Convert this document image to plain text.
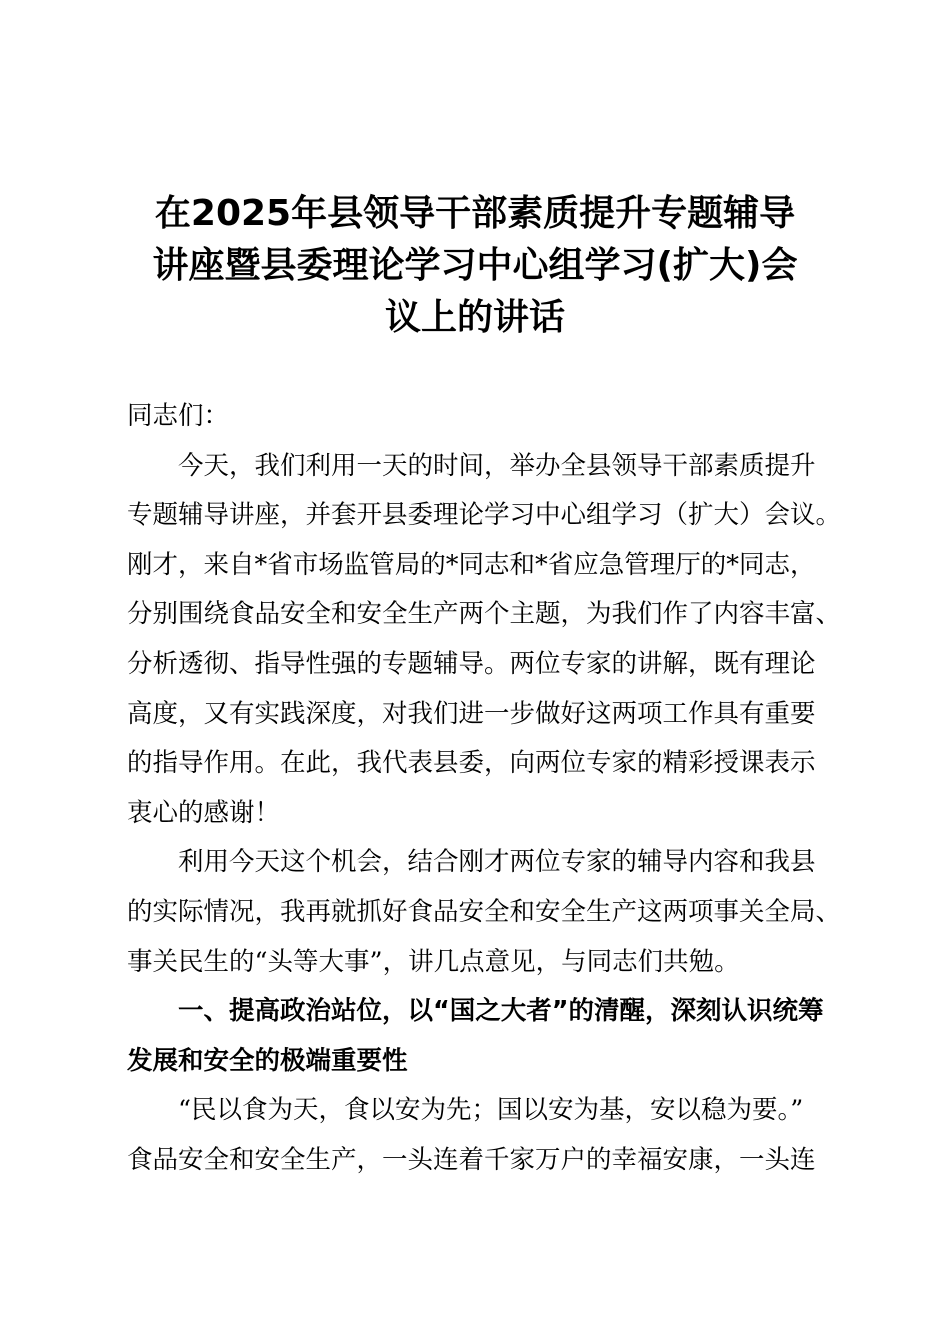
在2025年县领导干部素质提升专题辅导
讲座暨县委理论学习中心组学习(扩大)会
议上的讲话
同志们：
今天，我们利用一天的时间，举办全县领导干部素质提升
专题辅导讲座，并套开县委理论学习中心组学习（扩大）会议。
刚才，来自*省市场监管局的*同志和*省应急管理厅的*同志，
分别围绕食品安全和安全生产两个主题，为我们作了内容丰富、
分析透彻、指导性强的专题辅导。两位专家的讲解，既有理论
高度，又有实践深度，对我们进一步做好这两项工作具有重要
的指导作用。在此，我代表县委，向两位专家的精彩授课表示
衷心的感谢！
利用今天这个机会，结合刚才两位专家的辅导内容和我县
的实际情况，我再就抓好食品安全和安全生产这两项事关全局、
事关民生的“头等大事”，讲几点意见，与同志们共勉。
一、提高政治站位，以“国之大者”的清醒，深刻认识统筹
发展和安全的极端重要性
“民以食为天，食以安为先；国以安为基，安以稳为要。”
食品安全和安全生产，一头连着千家万户的幸福安康，一头连
